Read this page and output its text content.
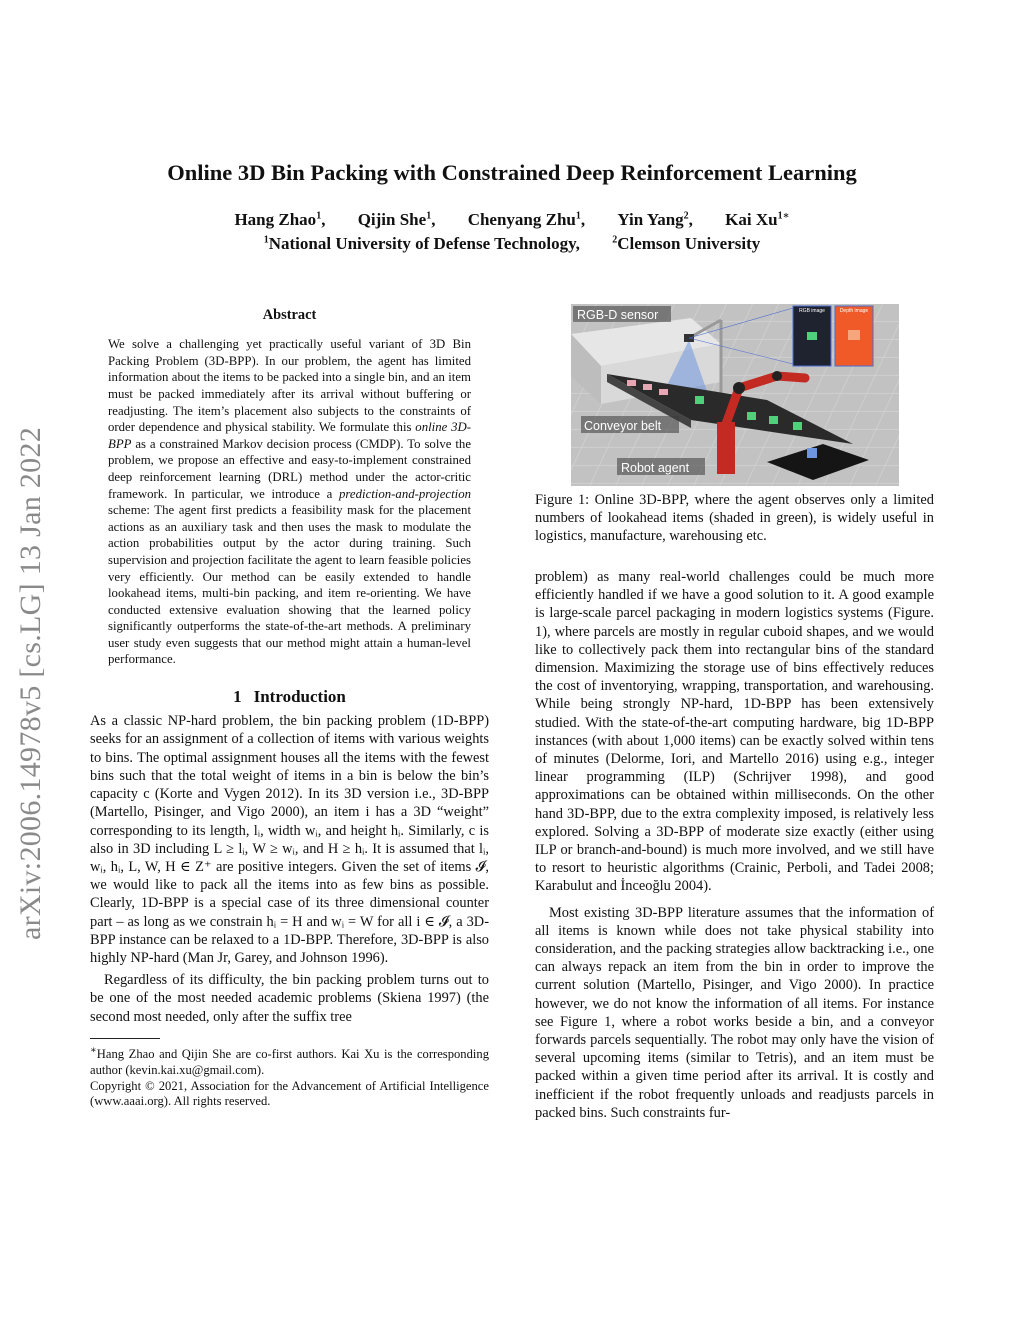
arXiv:2006.14978v5 [cs.LG] 13 Jan 2022
Online 3D Bin Packing with Constrained Deep Reinforcement Learning
Hang Zhao$^1$, Qijin She$^1$, Chenyang Zhu$^1$, Yin Yang$^2$, Kai $Xu^{1∗}$
$^1$National University of Defense Technology,	$^2$Clemson University
Abstract
We solve a challenging yet practically useful variant of 3D Bin Packing Problem (3D-BPP). In our problem, the agent has limited information about the items to be packed into a single bin, and an item must be packed immediately after its arrival without buffering or readjusting. The item’s placement also subjects to the constraints of order dependence and physical stability. We formulate this online 3D-BPP as a constrained Markov decision process (CMDP). To solve the problem, we propose an effective and easy-to-implement constrained deep reinforcement learning (DRL) method under the actor-critic framework. In particular, we introduce a prediction-and-projection scheme: The agent first predicts a feasibility mask for the placement actions as an auxiliary task and then uses the mask to modulate the action probabilities output by the actor during training. Such supervision and projection facilitate the agent to learn feasible policies very efficiently. Our method can be easily extended to handle lookahead items, multi-bin packing, and item re-orienting. We have conducted extensive evaluation showing that the learned policy significantly outperforms the state-of-the-art methods. A preliminary user study even suggests that our method might attain a human-level performance.
1 Introduction

As a classic NP-hard problem, the bin packing problem (1D-BPP) seeks for an assignment of a collection of items with various weights to bins. The optimal assignment houses all the items with the fewest bins such that the total weight of items in a bin is below the bin’s capacity c (Korte and Vygen 2012). In its 3D version i.e., 3D-BPP (Martello, Pisinger, and Vigo 2000), an item i has a 3D “weight” corresponding to its length, lᵢ, width wᵢ, and height hᵢ. Similarly, c is also in 3D including L ≥ lᵢ, W ≥ wᵢ, and H ≥ hᵢ. It is assumed that lᵢ, wᵢ, hᵢ, L, W, H ∈ Z⁺ are positive integers. Given the set of items 𝓘, we would like to pack all the items into as few bins as possible. Clearly, 1D-BPP is a special case of its three dimensional counter part – as long as we constrain hᵢ = H and wᵢ = W for all i ∈ 𝓘, a 3D-BPP instance can be relaxed to a 1D-BPP. Therefore, 3D-BPP is also highly NP-hard (Man Jr, Garey, and Johnson 1996).

Regardless of its difficulty, the bin packing problem turns out to be one of the most needed academic problems (Skiena 1997) (the second most needed, only after the suffix tree

∗Hang Zhao and Qijin She are co-first authors. Kai Xu is the corresponding author (kevin.kai.xu@gmail.com).
Copyright © 2021, Association for the Advancement of Artificial Intelligence (www.aaai.org). All rights reserved.
RGB image	Depth image
RGB-D sensor
Conveyor belt
Robot agent
Figure 1: Online 3D-BPP, where the agent observes only a limited numbers of lookahead items (shaded in green), is widely useful in logistics, manufacture, warehousing etc.

problem) as many real-world challenges could be much more efficiently handled if we have a good solution to it. A good example is large-scale parcel packaging in modern logistics systems (Figure. 1), where parcels are mostly in regular cuboid shapes, and we would like to collectively pack them into rectangular bins of the standard dimension. Maximizing the storage use of bins effectively reduces the cost of inventorying, wrapping, transportation, and warehousing. While being strongly NP-hard, 1D-BPP has been extensively studied. With the state-of-the-art computing hardware, big 1D-BPP instances (with about 1,000 items) can be exactly solved within tens of minutes (Delorme, Iori, and Martello 2016) using e.g., integer linear programming (ILP) (Schrijver 1998), and good approximations can be obtained within milliseconds. On the other hand 3D-BPP, due to the extra complexity imposed, is relatively less explored. Solving a 3D-BPP of moderate size exactly (either using ILP or branch-and-bound) is much more involved, and we still have to resort to heuristic algorithms (Crainic, Perboli, and Tadei 2008; Karabulut and İnceoğlu 2004).

Most existing 3D-BPP literature assumes that the information of all items is known while does not take physical stability into consideration, and the packing strategies allow backtracking i.e., one can always repack an item from the bin in order to improve the current solution (Martello, Pisinger, and Vigo 2000). In practice however, we do not know the information of all items. For instance see Figure 1, where a robot works beside a bin, and a conveyor forwards parcels sequentially. The robot may only have the vision of several upcoming items (similar to Tetris), and an item must be packed within a given time period after its arrival. It is costly and inefficient if the robot frequently unloads and readjusts parcels in packed bins. Such constraints fur-
